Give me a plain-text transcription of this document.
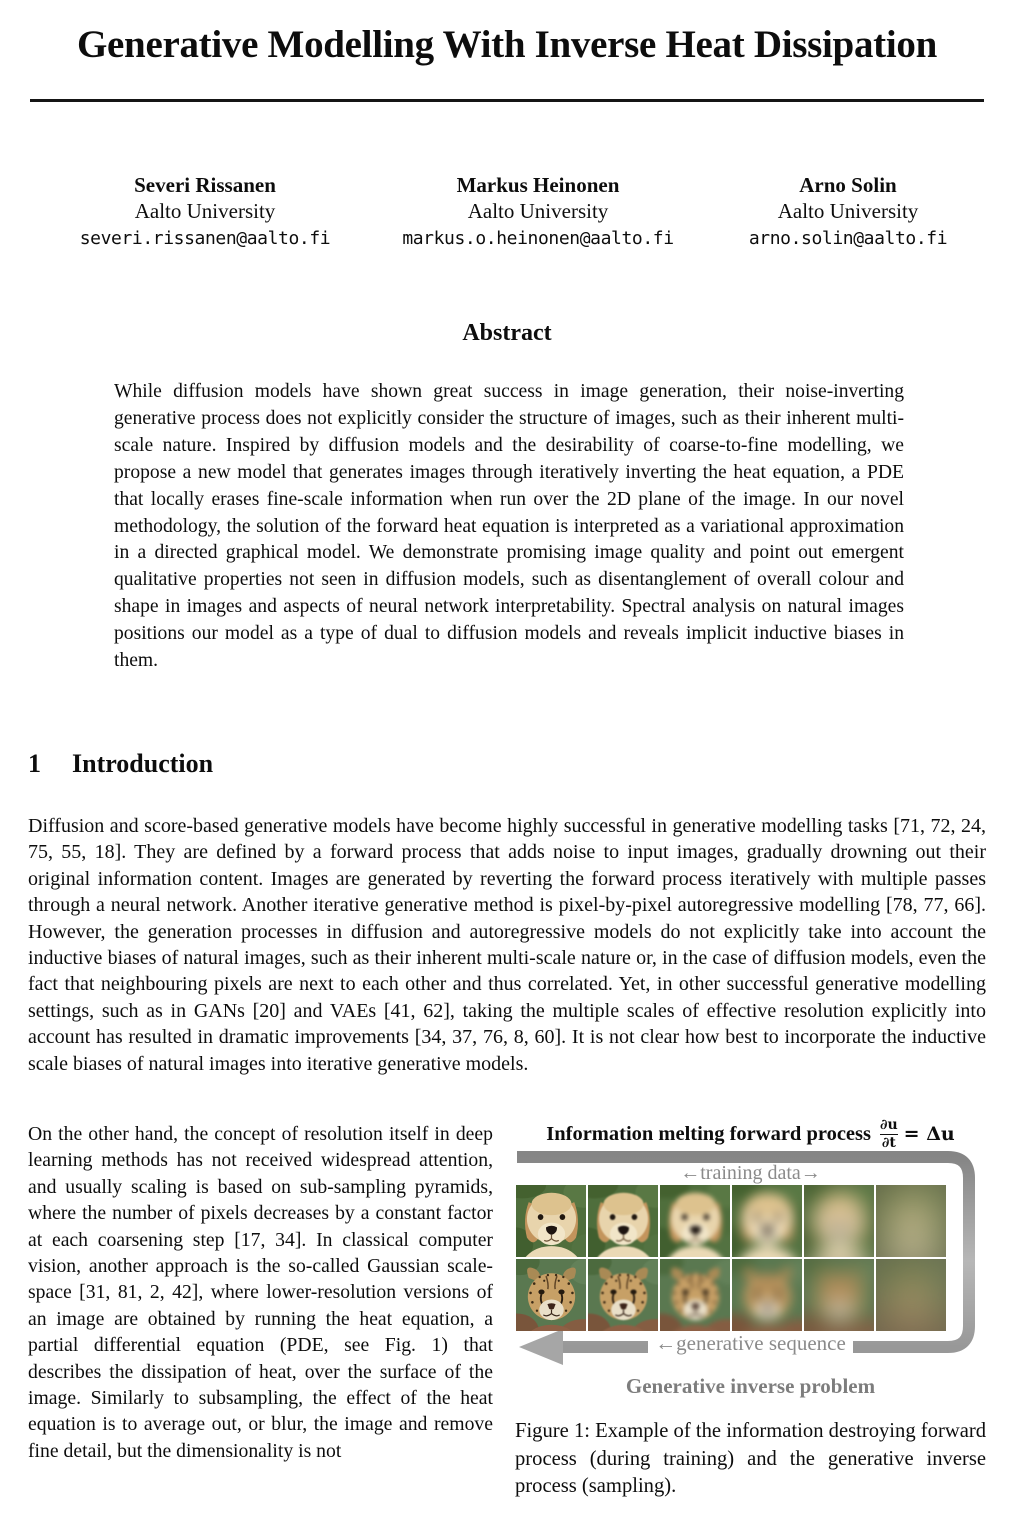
Generative Modelling With Inverse Heat Dissipation
Severi Rissanen
Aalto University
severi.rissanen@aalto.fi
Markus Heinonen
Aalto University
markus.o.heinonen@aalto.fi
Arno Solin
Aalto University
arno.solin@aalto.fi
Abstract

While diffusion models have shown great success in image generation, their noise-inverting generative process does not explicitly consider the structure of images, such as their inherent multi-scale nature. Inspired by diffusion models and the desirability of coarse-to-fine modelling, we propose a new model that generates images through iteratively inverting the heat equation, a PDE that locally erases fine-scale information when run over the 2D plane of the image. In our novel methodology, the solution of the forward heat equation is interpreted as a variational approximation in a directed graphical model. We demonstrate promising image quality and point out emergent qualitative properties not seen in diffusion models, such as disentanglement of overall colour and shape in images and aspects of neural network interpretability. Spectral analysis on natural images positions our model as a type of dual to diffusion models and reveals implicit inductive biases in them.

1 Introduction

Diffusion and score-based generative models have become highly successful in generative modelling tasks [71, 72, 24, 75, 55, 18]. They are defined by a forward process that adds noise to input images, gradually drowning out their original information content. Images are generated by reverting the forward process iteratively with multiple passes through a neural network. Another iterative generative method is pixel-by-pixel autoregressive modelling [78, 77, 66]. However, the generation processes in diffusion and autoregressive models do not explicitly take into account the inductive biases of natural images, such as their inherent multi-scale nature or, in the case of diffusion models, even the fact that neighbouring pixels are next to each other and thus correlated. Yet, in other successful generative modelling settings, such as in GANs [20] and VAEs [41, 62], taking the multiple scales of effective resolution explicitly into account has resulted in dramatic improvements [34, 37, 76, 8, 60]. It is not clear how best to incorporate the inductive scale biases of natural images into iterative generative models.

On the other hand, the concept of resolution itself in deep learning methods has not received widespread attention, and usually scaling is based on sub-sampling pyramids, where the number of pixels decreases by a constant factor at each coarsening step [17, 34]. In classical computer vision, another approach is the so-called Gaussian scale-space [31, 81, 2, 42], where lower-resolution versions of an image are obtained by running the heat equation, a partial differential equation (PDE, see Fig. 1) that describes the dissipation of heat, over the surface of the image. Similarly to subsampling, the effect of the heat equation is to average out, or blur, the image and remove fine detail, but the dimensionality is not

Information melting forward process $\frac{\partial u}{\partial t} = \Delta u$
←training data→
←generative sequence
Generative inverse problem
Figure 1: Example of the information destroying forward process (during training) and the generative inverse process (sampling).
